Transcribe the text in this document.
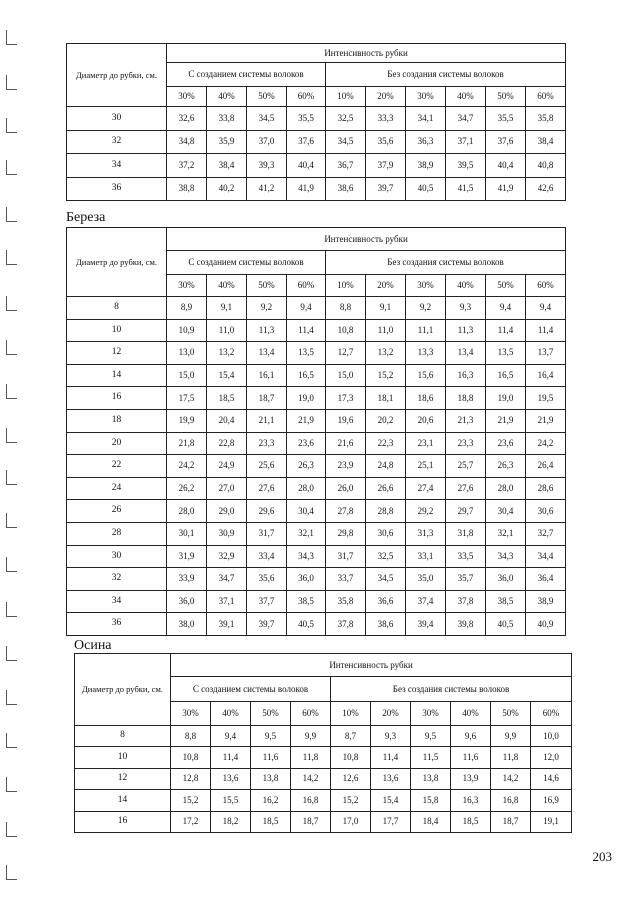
Диаметр до рубки, см.	Интенсивность рубки									
	С созданием системы волоков				Без создания системы волоков					
	30%	40%	50%	60%	10%	20%	30%	40%	50%	60%
30	32,6	33,8	34,5	35,5	32,5	33,3	34,1	34,7	35,5	35,8
32	34,8	35,9	37,0	37,6	34,5	35,6	36,3	37,1	37,6	38,4
34	37,2	38,4	39,3	40,4	36,7	37,9	38,9	39,5	40,4	40,8
36	38,8	40,2	41,2	41,9	38,6	39,7	40,5	41,5	41,9	42,6
Береза
Диаметр до рубки, см.	Интенсивность рубки									
	С созданием системы волоков				Без создания системы волоков					
	30%	40%	50%	60%	10%	20%	30%	40%	50%	60%
8	8,9	9,1	9,2	9,4	8,8	9,1	9,2	9,3	9,4	9,4
10	10,9	11,0	11,3	11,4	10,8	11,0	11,1	11,3	11,4	11,4
12	13,0	13,2	13,4	13,5	12,7	13,2	13,3	13,4	13,5	13,7
14	15,0	15,4	16,1	16,5	15,0	15,2	15,6	16,3	16,5	16,4
16	17,5	18,5	18,7	19,0	17,3	18,1	18,6	18,8	19,0	19,5
18	19,9	20,4	21,1	21,9	19,6	20,2	20,6	21,3	21,9	21,9
20	21,8	22,8	23,3	23,6	21,6	22,3	23,1	23,3	23,6	24,2
22	24,2	24,9	25,6	26,3	23,9	24,8	25,1	25,7	26,3	26,4
24	26,2	27,0	27,6	28,0	26,0	26,6	27,4	27,6	28,0	28,6
26	28,0	29,0	29,6	30,4	27,8	28,8	29,2	29,7	30,4	30,6
28	30,1	30,9	31,7	32,1	29,8	30,6	31,3	31,8	32,1	32,7
30	31,9	32,9	33,4	34,3	31,7	32,5	33,1	33,5	34,3	34,4
32	33,9	34,7	35,6	36,0	33,7	34,5	35,0	35,7	36,0	36,4
34	36,0	37,1	37,7	38,5	35,8	36,6	37,4	37,8	38,5	38,9
36	38,0	39,1	39,7	40,5	37,8	38,6	39,4	39,8	40,5	40,9
Осина
Диаметр до рубки, см.	Интенсивность рубки									
	С созданием системы волоков				Без создания системы волоков					
	30%	40%	50%	60%	10%	20%	30%	40%	50%	60%
8	8,8	9,4	9,5	9,9	8,7	9,3	9,5	9,6	9,9	10,0
10	10,8	11,4	11,6	11,8	10,8	11,4	11,5	11,6	11,8	12,0
12	12,8	13,6	13,8	14,2	12,6	13,6	13,8	13,9	14,2	14,6
14	15,2	15,5	16,2	16,8	15,2	15,4	15,8	16,3	16,8	16,9
16	17,2	18,2	18,5	18,7	17,0	17,7	18,4	18,5	18,7	19,1
203
